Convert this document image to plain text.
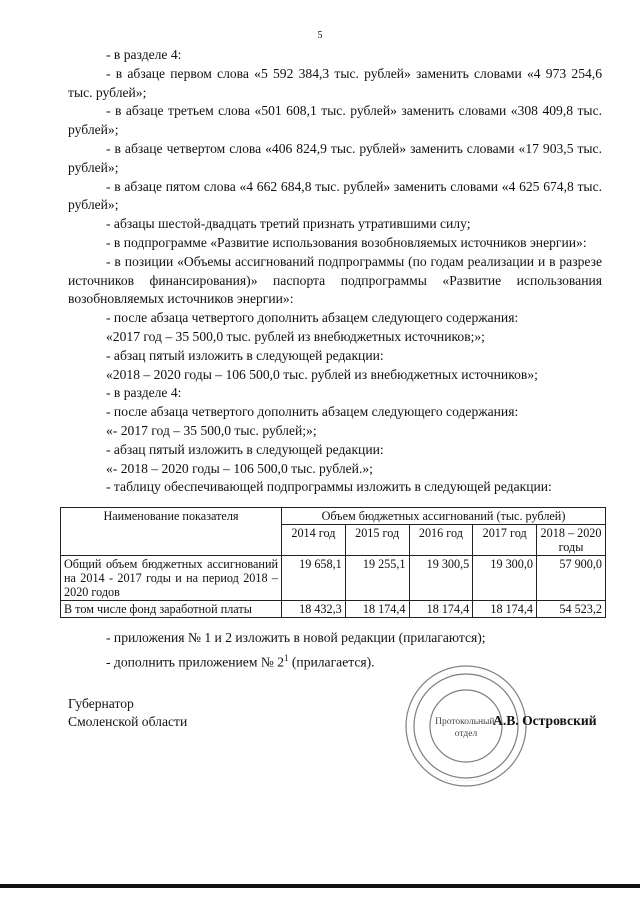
5

- в разделе 4:

- в абзаце первом слова «5 592 384,3 тыс. рублей» заменить словами «4 973 254,6 тыс. рублей»;

- в абзаце третьем слова «501 608,1 тыс. рублей» заменить словами «308 409,8 тыс. рублей»;

- в абзаце четвертом слова «406 824,9 тыс. рублей» заменить словами «17 903,5 тыс. рублей»;

- в абзаце пятом слова «4 662 684,8 тыс. рублей» заменить словами «4 625 674,8 тыс. рублей»;

- абзацы шестой-двадцать третий признать утратившими силу;

- в подпрограмме «Развитие использования возобновляемых источников энергии»:

- в позиции «Объемы ассигнований подпрограммы (по годам реализации и в разрезе источников финансирования)» паспорта подпрограммы «Развитие использования возобновляемых источников энергии»:

- после абзаца четвертого дополнить абзацем следующего содержания:

«2017 год – 35 500,0 тыс. рублей из внебюджетных источников;»;

- абзац пятый изложить в следующей редакции:

«2018 – 2020 годы – 106 500,0 тыс. рублей из внебюджетных источников»;

- в разделе 4:

- после абзаца четвертого дополнить абзацем следующего содержания:

«- 2017 год – 35 500,0 тыс. рублей;»;

- абзац пятый изложить в следующей редакции:

«- 2018 – 2020 годы – 106 500,0 тыс. рублей.»;

- таблицу обеспечивающей подпрограммы изложить в следующей редакции:

Наименование показателя	Объем бюджетных ассигнований (тыс. рублей)				
	2014 год	2015 год	2016 год	2017 год	2018 – 2020 годы
Общий объем бюджетных ассигнований на 2014 - 2017 годы и на период 2018 – 2020 годов	19 658,1	19 255,1	19 300,5	19 300,0	57 900,0
В том числе фонд заработной платы	18 432,3	18 174,4	18 174,4	18 174,4	54 523,2

- приложения № 1 и 2 изложить в новой редакции (прилагаются);

- дополнить приложением № $2^1$ (прилагается).

Губернатор
Смоленской области
· · · · · · · · · · · · ·
· · · · · · · · · · · · ·
Протокольный отдел
А.В. Островский
